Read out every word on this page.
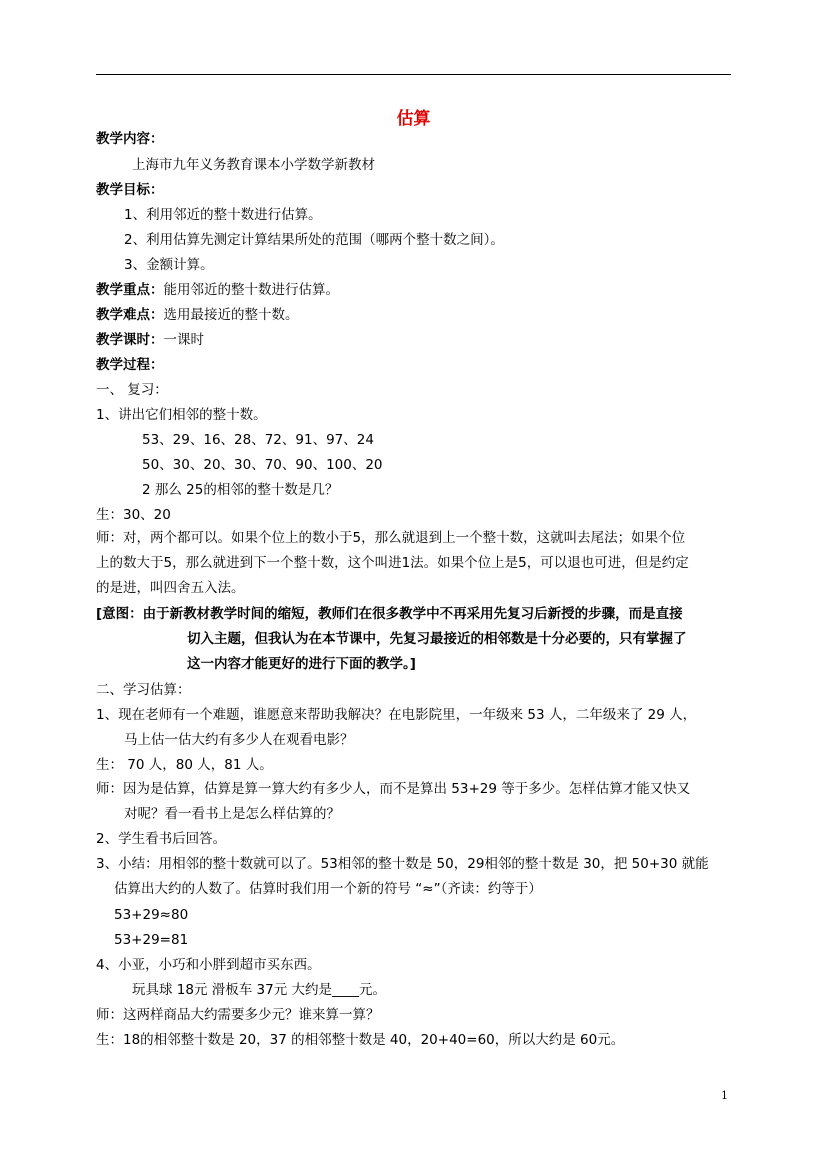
估算
教学内容：
上海市九年义务教育课本小学数学新教材
教学目标：
1、利用邻近的整十数进行估算。
2、利用估算先测定计算结果所处的范围（哪两个整十数之间）。
3、金额计算。
教学重点：能用邻近的整十数进行估算。
教学难点：选用最接近的整十数。
教学课时：一课时
教学过程：
一、 复习：
1、讲出它们相邻的整十数。
53、29、16、28、72、91、97、24
50、30、20、30、70、90、100、20
2 那么 25的相邻的整十数是几？
生：30、20
师：对，两个都可以。如果个位上的数小于5，那么就退到上一个整十数，这就叫去尾法；如果个位
上的数大于5，那么就进到下一个整十数，这个叫进1法。如果个位上是5，可以退也可进，但是约定
的是进，叫四舍五入法。
[意图：由于新教材教学时间的缩短，教师们在很多教学中不再采用先复习后新授的步骤，而是直接
切入主题，但我认为在本节课中，先复习最接近的相邻数是十分必要的，只有掌握了
这一内容才能更好的进行下面的教学。]
二、学习估算：
1、现在老师有一个难题，谁愿意来帮助我解决？在电影院里，一年级来 53 人，二年级来了 29 人，
马上估一估大约有多少人在观看电影？
生： 70 人，80 人，81 人。
师：因为是估算，估算是算一算大约有多少人，而不是算出 53+29 等于多少。怎样估算才能又快又
对呢？看一看书上是怎么样估算的？
2、学生看书后回答。
3、小结：用相邻的整十数就可以了。53相邻的整十数是 50，29相邻的整十数是 30，把 50+30 就能
估算出大约的人数了。估算时我们用一个新的符号 “≈”（齐读：约等于）
53+29≈80
53+29=81
4、小亚，小巧和小胖到超市买东西。
玩具球 18元 滑板车 37元 大约是____元。
师：这两样商品大约需要多少元？谁来算一算？
生：18的相邻整十数是 20，37 的相邻整十数是 40，20+40=60，所以大约是 60元。
1
